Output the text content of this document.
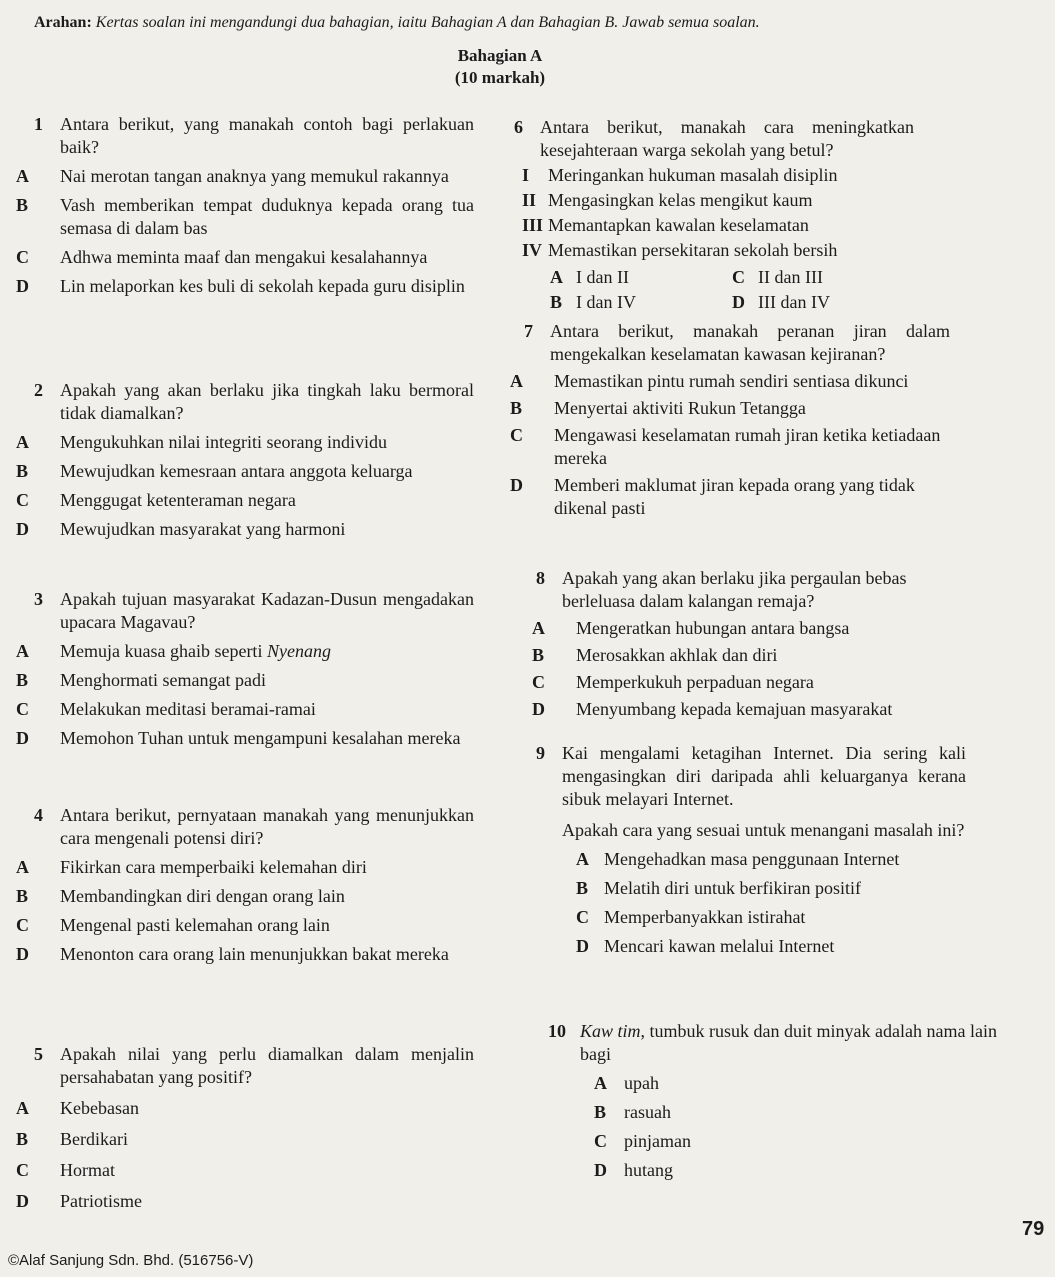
Arahan: Kertas soalan ini mengandungi dua bahagian, iaitu Bahagian A dan Bahagian B. Jawab semua soalan.
Bahagian A
(10 markah)
1 Antara berikut, yang manakah contoh bagi perlakuan baik?
A Nai merotan tangan anaknya yang memukul rakannya
B Vash memberikan tempat duduknya kepada orang tua semasa di dalam bas
C Adhwa meminta maaf dan mengakui kesalahannya
D Lin melaporkan kes buli di sekolah kepada guru disiplin
2 Apakah yang akan berlaku jika tingkah laku bermoral tidak diamalkan?
A Mengukuhkan nilai integriti seorang individu
B Mewujudkan kemesraan antara anggota keluarga
C Menggugat ketenteraman negara
D Mewujudkan masyarakat yang harmoni
3 Apakah tujuan masyarakat Kadazan-Dusun mengadakan upacara Magavau?
A Memuja kuasa ghaib seperti Nyenang
B Menghormati semangat padi
C Melakukan meditasi beramai-ramai
D Memohon Tuhan untuk mengampuni kesalahan mereka
4 Antara berikut, pernyataan manakah yang menunjukkan cara mengenali potensi diri?
A Fikirkan cara memperbaiki kelemahan diri
B Membandingkan diri dengan orang lain
C Mengenal pasti kelemahan orang lain
D Menonton cara orang lain menunjukkan bakat mereka
5 Apakah nilai yang perlu diamalkan dalam menjalin persahabatan yang positif?
A Kebebasan
B Berdikari
C Hormat
D Patriotisme
6 Antara berikut, manakah cara meningkatkan kesejahteraan warga sekolah yang betul?
I Meringankan hukuman masalah disiplin
II Mengasingkan kelas mengikut kaum
III Memantapkan kawalan keselamatan
IV Memastikan persekitaran sekolah bersih
A I dan II	C II dan III
B I dan IV	D III dan IV
7 Antara berikut, manakah peranan jiran dalam mengekalkan keselamatan kawasan kejiranan?
A Memastikan pintu rumah sendiri sentiasa dikunci
B Menyertai aktiviti Rukun Tetangga
C Mengawasi keselamatan rumah jiran ketika ketiadaan mereka
D Memberi maklumat jiran kepada orang yang tidak dikenal pasti
8 Apakah yang akan berlaku jika pergaulan bebas berleluasa dalam kalangan remaja?
A Mengeratkan hubungan antara bangsa
B Merosakkan akhlak dan diri
C Memperkukuh perpaduan negara
D Menyumbang kepada kemajuan masyarakat
9 Kai mengalami ketagihan Internet. Dia sering kali mengasingkan diri daripada ahli keluarganya kerana sibuk melayari Internet.
Apakah cara yang sesuai untuk menangani masalah ini?
A Mengehadkan masa penggunaan Internet
B Melatih diri untuk berfikiran positif
C Memperbanyakkan istirahat
D Mencari kawan melalui Internet
10 Kaw tim, tumbuk rusuk dan duit minyak adalah nama lain bagi
A upah
B rasuah
C pinjaman
D hutang
79
©Alaf Sanjung Sdn. Bhd. (516756-V)
